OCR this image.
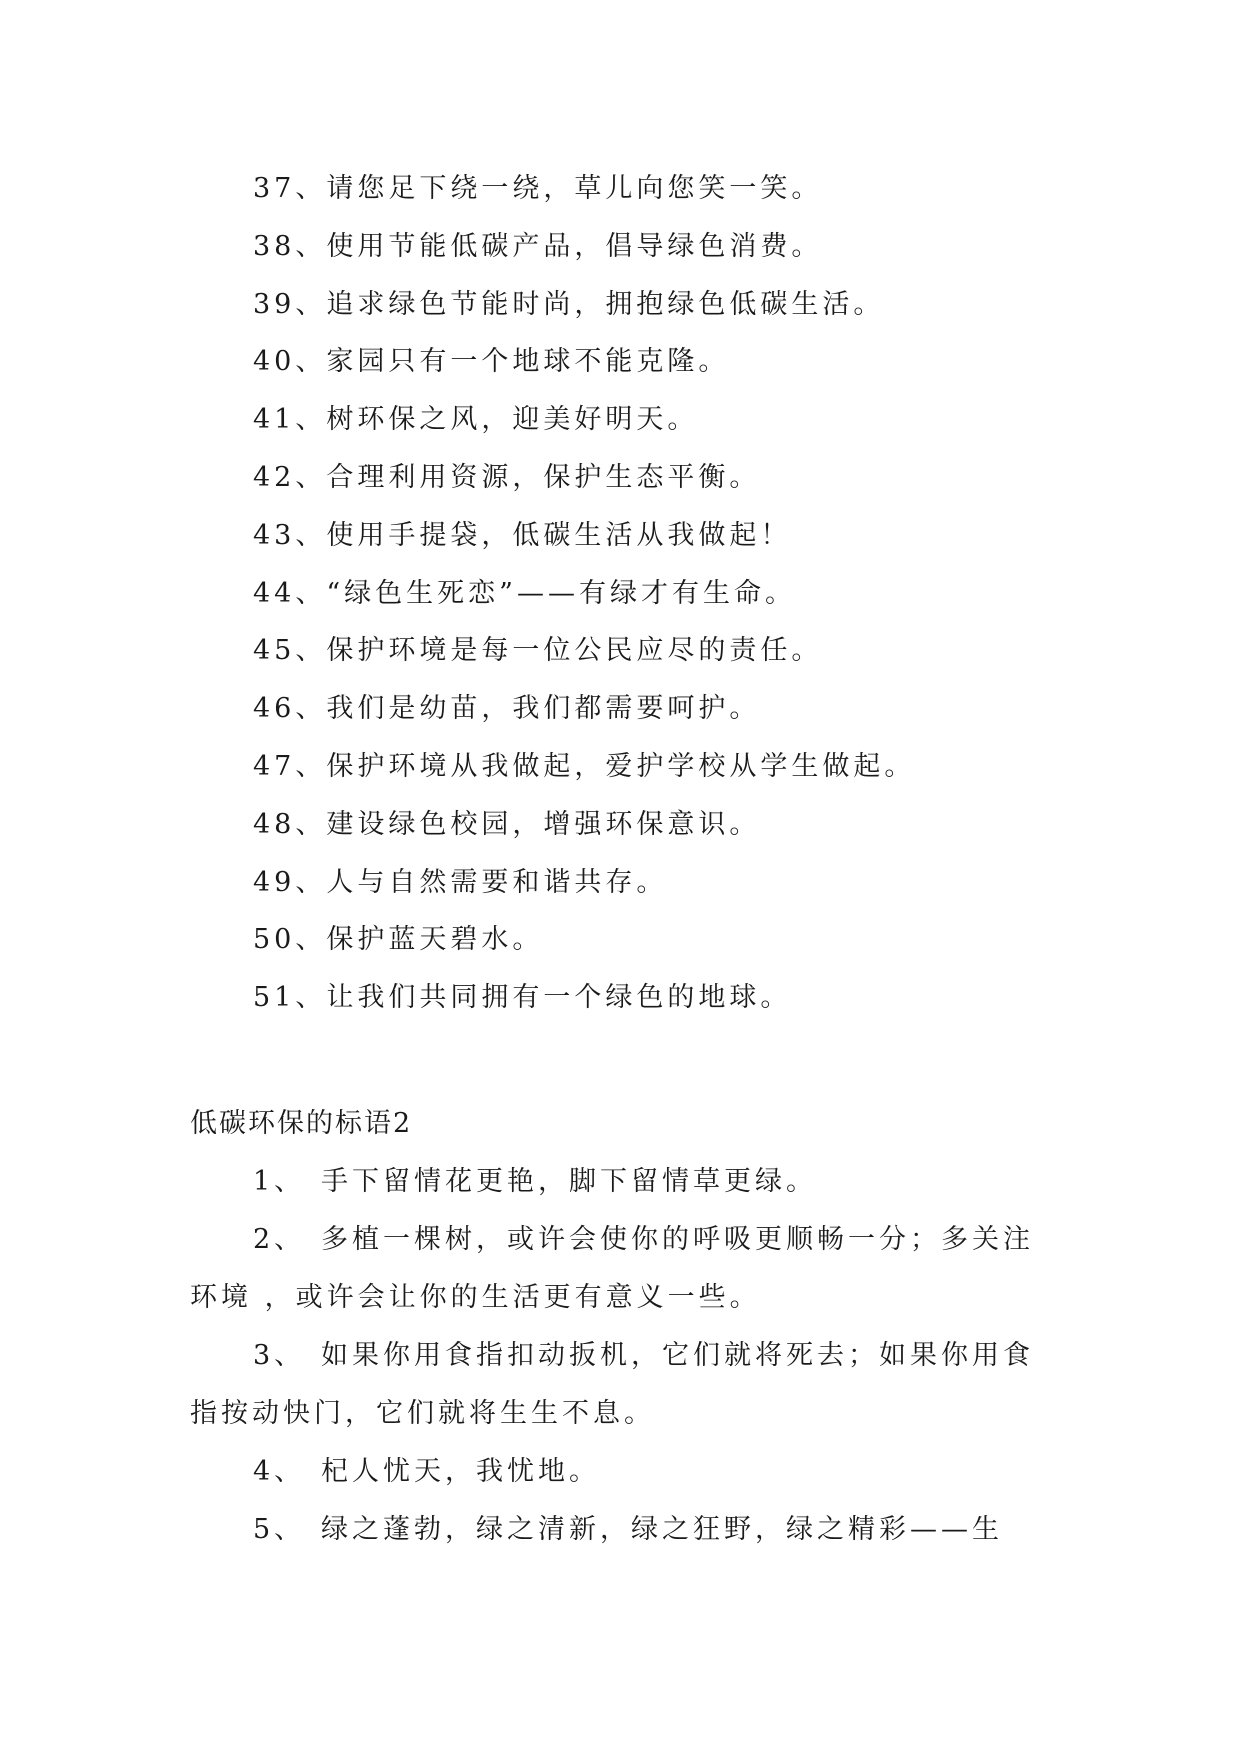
37、请您足下绕一绕，草儿向您笑一笑。
38、使用节能低碳产品，倡导绿色消费。
39、追求绿色节能时尚，拥抱绿色低碳生活。
40、家园只有一个地球不能克隆。
41、树环保之风，迎美好明天。
42、合理利用资源，保护生态平衡。
43、使用手提袋，低碳生活从我做起！
44、“绿色生死恋”——有绿才有生命。
45、保护环境是每一位公民应尽的责任。
46、我们是幼苗，我们都需要呵护。
47、保护环境从我做起，爱护学校从学生做起。
48、建设绿色校园，增强环保意识。
49、人与自然需要和谐共存。
50、保护蓝天碧水。
51、让我们共同拥有一个绿色的地球。
低碳环保的标语2

1、 手下留情花更艳，脚下留情草更绿。

2、 多植一棵树，或许会使你的呼吸更顺畅一分；多关注环境 ，或许会让你的生活更有意义一些。

3、 如果你用食指扣动扳机，它们就将死去；如果你用食指按动快门，它们就将生生不息。

4、 杞人忧天，我忧地。

5、 绿之蓬勃，绿之清新，绿之狂野，绿之精彩——生
